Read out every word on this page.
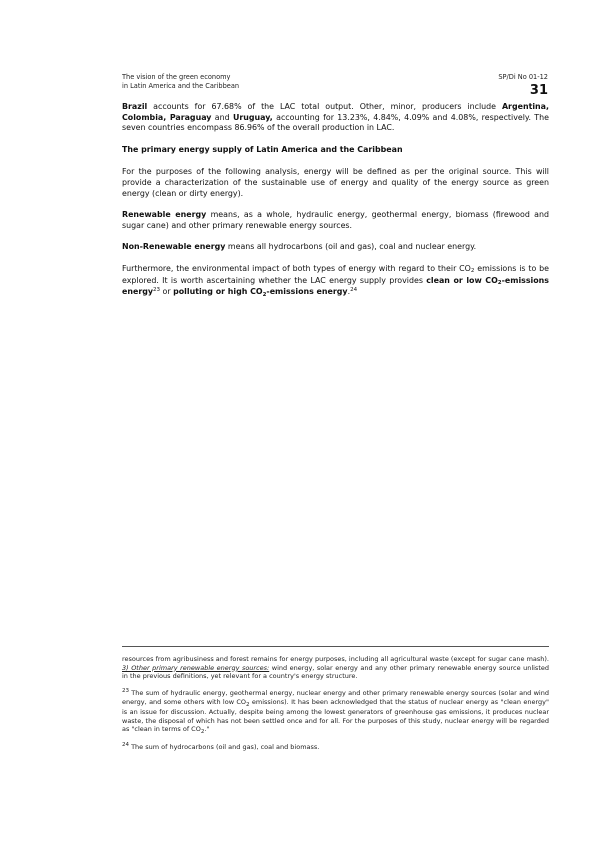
The vision of the green economy
in Latin America and the Caribbean
SP/Di No 01-12
31

Brazil accounts for 67.68% of the LAC total output. Other, minor, producers include Argentina, Colombia, Paraguay and Uruguay, accounting for 13.23%, 4.84%, 4.09% and 4.08%, respectively. The seven countries encompass 86.96% of the overall production in LAC.

The primary energy supply of Latin America and the Caribbean

For the purposes of the following analysis, energy will be defined as per the original source. This will provide a characterization of the sustainable use of energy and quality of the energy source as green energy (clean or dirty energy).

Renewable energy means, as a whole, hydraulic energy, geothermal energy, biomass (firewood and sugar cane) and other primary renewable energy sources.

Non-Renewable energy means all hydrocarbons (oil and gas), coal and nuclear energy.

Furthermore, the environmental impact of both types of energy with regard to their $CO_2$ emissions is to be explored. It is worth ascertaining whether the LAC energy supply provides clean or low $CO_2$-emissions energy$^{23}$ or polluting or high $CO_2$-emissions energy.$^{24}$

resources from agribusiness and forest remains for energy purposes, including all agricultural waste (except for sugar cane mash). 3) Other primary renewable energy sources: wind energy, solar energy and any other primary renewable energy source unlisted in the previous definitions, yet relevant for a country's energy structure.

$^{23}$ The sum of hydraulic energy, geothermal energy, nuclear energy and other primary renewable energy sources (solar and wind energy, and some others with low $CO_2$ emissions). It has been acknowledged that the status of nuclear energy as "clean energy" is an issue for discussion. Actually, despite being among the lowest generators of greenhouse gas emissions, it produces nuclear waste, the disposal of which has not been settled once and for all. For the purposes of this study, nuclear energy will be regarded as "clean in terms of $CO_2$."

$^{24}$ The sum of hydrocarbons (oil and gas), coal and biomass.
